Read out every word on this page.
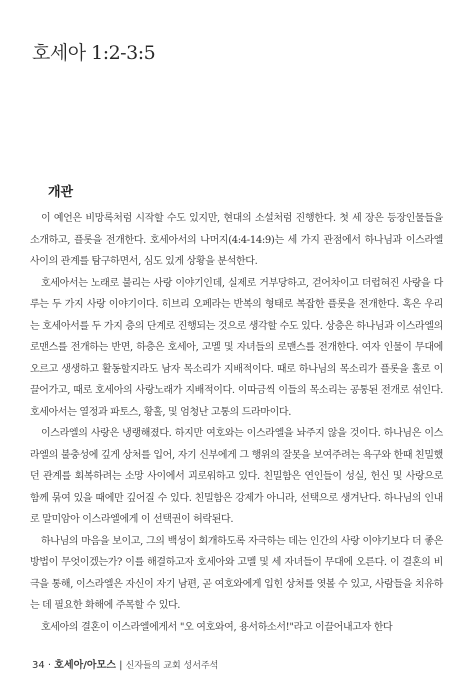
호세아 1:2-3:5
개관

이 예언은 비망록처럼 시작할 수도 있지만, 현대의 소설처럼 진행한다. 첫 세 장은 등장인물들을 소개하고, 플롯을 전개한다. 호세아서의 나머지(4:4-14:9)는 세 가지 관점에서 하나님과 이스라엘 사이의 관계를 탐구하면서, 심도 있게 상황을 분석한다.

호세아서는 노래로 불리는 사랑 이야기인데, 실제로 거부당하고, 걷어차이고 더럽혀진 사랑을 다루는 두 가지 사랑 이야기이다. 히브리 오페라는 반복의 형태로 복잡한 플롯을 전개한다. 혹은 우리는 호세아서를 두 가지 층의 단계로 진행되는 것으로 생각할 수도 있다. 상층은 하나님과 이스라엘의 로맨스를 전개하는 반면, 하층은 호세아, 고멜 및 자녀들의 로맨스를 전개한다. 여자 인물이 무대에 오르고 생생하고 활동할지라도 남자 목소리가 지배적이다. 때로 하나님의 목소리가 플롯을 홀로 이끌어가고, 때로 호세아의 사랑노래가 지배적이다. 이따금씩 이들의 목소리는 공통된 전개로 섞인다. 호세아서는 열정과 파토스, 황홀, 및 엄청난 고통의 드라마이다.

이스라엘의 사랑은 냉랭해졌다. 하지만 여호와는 이스라엘을 놔주지 않을 것이다. 하나님은 이스라엘의 불충성에 깊게 상처를 입어, 자기 신부에게 그 행위의 잘못을 보여주려는 욕구와 한때 친밀했던 관계를 회복하려는 소망 사이에서 괴로워하고 있다. 친밀함은 연인들이 성실, 헌신 및 사랑으로 함께 묶여 있을 때에만 깊어질 수 있다. 친밀함은 강제가 아니라, 선택으로 생겨난다. 하나님의 인내로 말미암아 이스라엘에게 이 선택권이 허락된다.

하나님의 마음을 보이고, 그의 백성이 회개하도록 자극하는 데는 인간의 사랑 이야기보다 더 좋은 방법이 무엇이겠는가? 이를 해결하고자 호세아와 고멜 및 세 자녀들이 무대에 오른다. 이 결혼의 비극을 통해, 이스라엘은 자신이 자기 남편, 곧 여호와에게 입힌 상처를 엿볼 수 있고, 사람들을 치유하는 데 필요한 화해에 주목할 수 있다.

호세아의 결혼이 이스라엘에게서 "오 여호와여, 용서하소서!"라고 이끌어내고자 한다

34 · 호세아/아모스 | 신자들의 교회 성서주석
